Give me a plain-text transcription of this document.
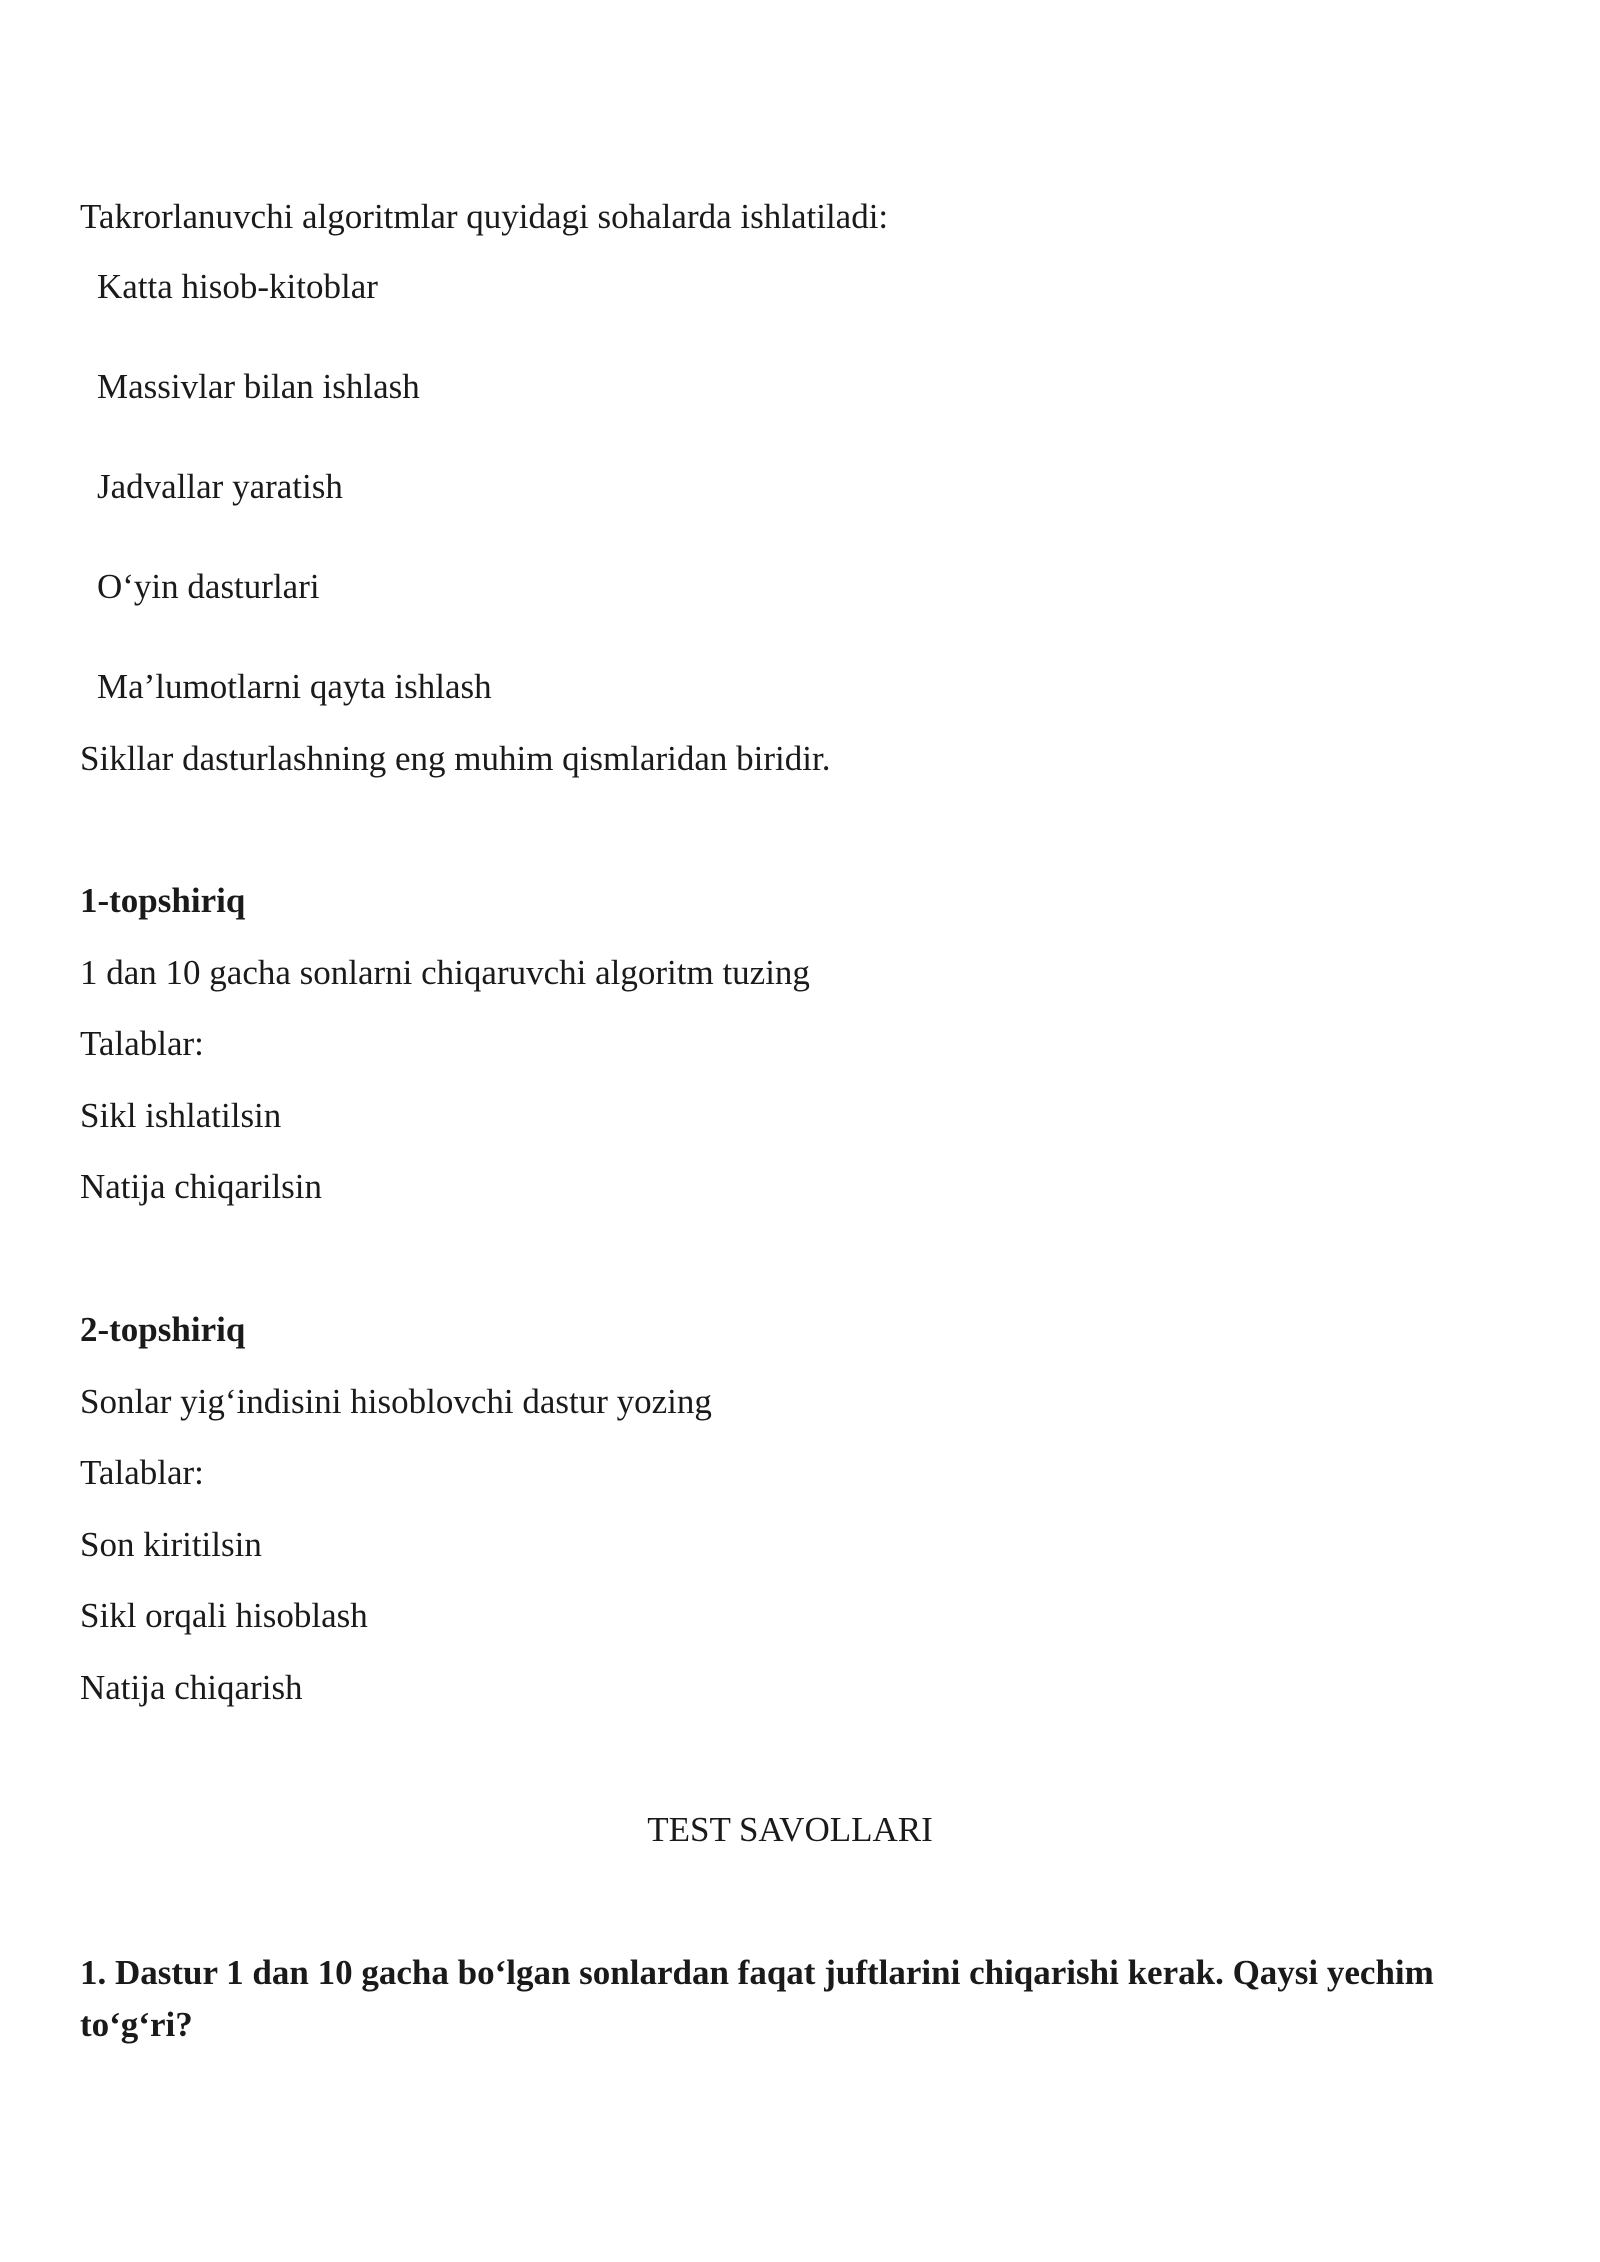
Takrorlanuvchi algoritmlar quyidagi sohalarda ishlatiladi:

Katta hisob-kitoblar

Massivlar bilan ishlash

Jadvallar yaratish

O‘yin dasturlari

Ma’lumotlarni qayta ishlash

Sikllar dasturlashning eng muhim qismlaridan biridir.

1-topshiriq

1 dan 10 gacha sonlarni chiqaruvchi algoritm tuzing

Talablar:

Sikl ishlatilsin

Natija chiqarilsin

2-topshiriq

Sonlar yig‘indisini hisoblovchi dastur yozing

Talablar:

Son kiritilsin

Sikl orqali hisoblash

Natija chiqarish

TEST SAVOLLARI

1. Dastur 1 dan 10 gacha bo‘lgan sonlardan faqat juftlarini chiqarishi kerak. Qaysi yechim to‘g‘ri?
